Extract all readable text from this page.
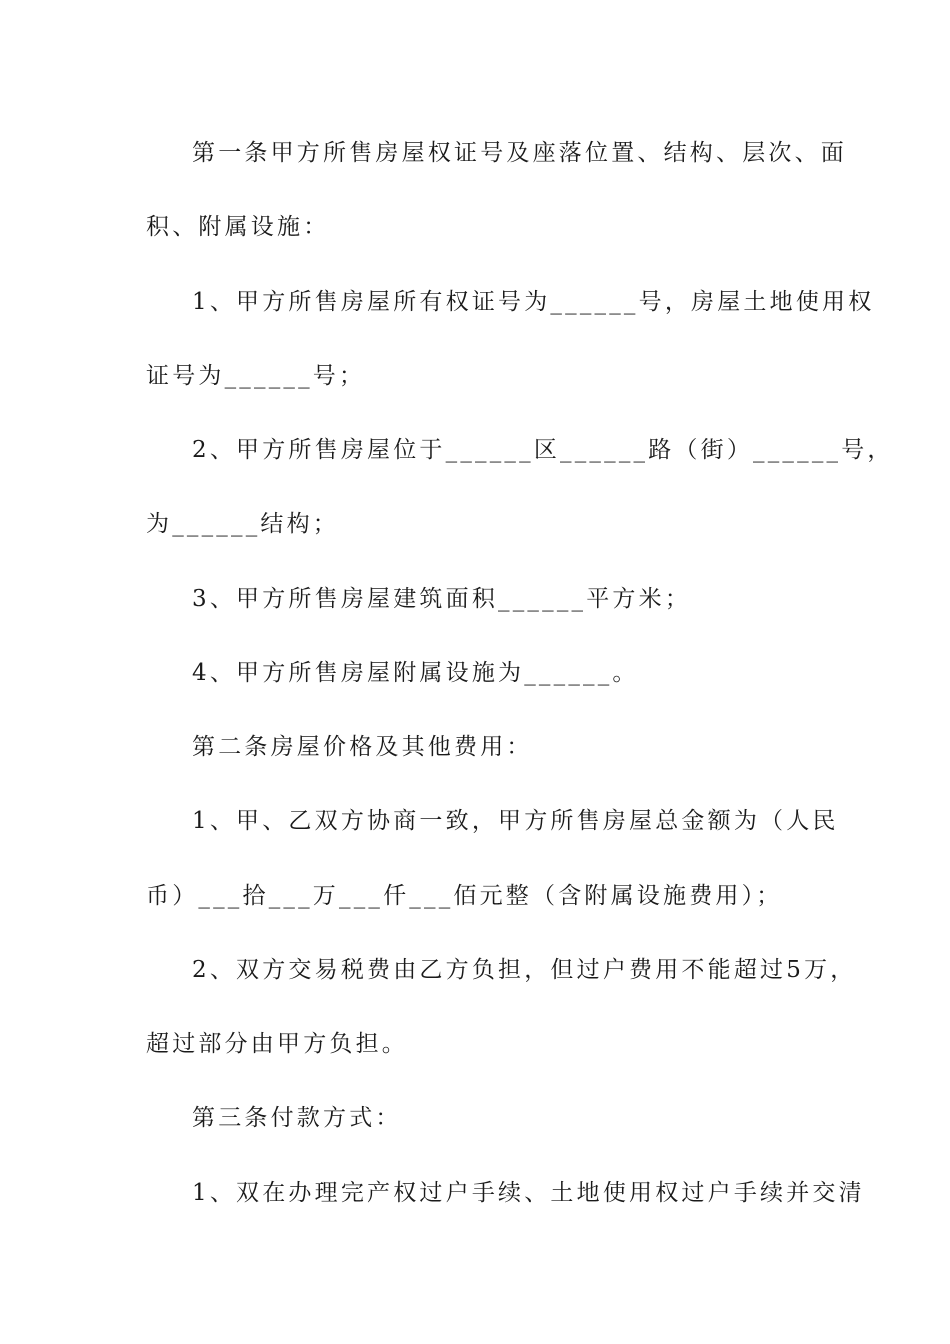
第一条甲方所售房屋权证号及座落位置、结构、层次、面
积、附属设施：
1、甲方所售房屋所有权证号为______号，房屋土地使用权
证号为______号；
2、甲方所售房屋位于______区______路（街）______号，
为______结构；
3、甲方所售房屋建筑面积______平方米；
4、甲方所售房屋附属设施为______。
第二条房屋价格及其他费用：
1、甲、乙双方协商一致，甲方所售房屋总金额为（人民
币）___拾___万___仟___佰元整（含附属设施费用）；
2、双方交易税费由乙方负担，但过户费用不能超过5万，
超过部分由甲方负担。
第三条付款方式：
1、双在办理完产权过户手续、土地使用权过户手续并交清
